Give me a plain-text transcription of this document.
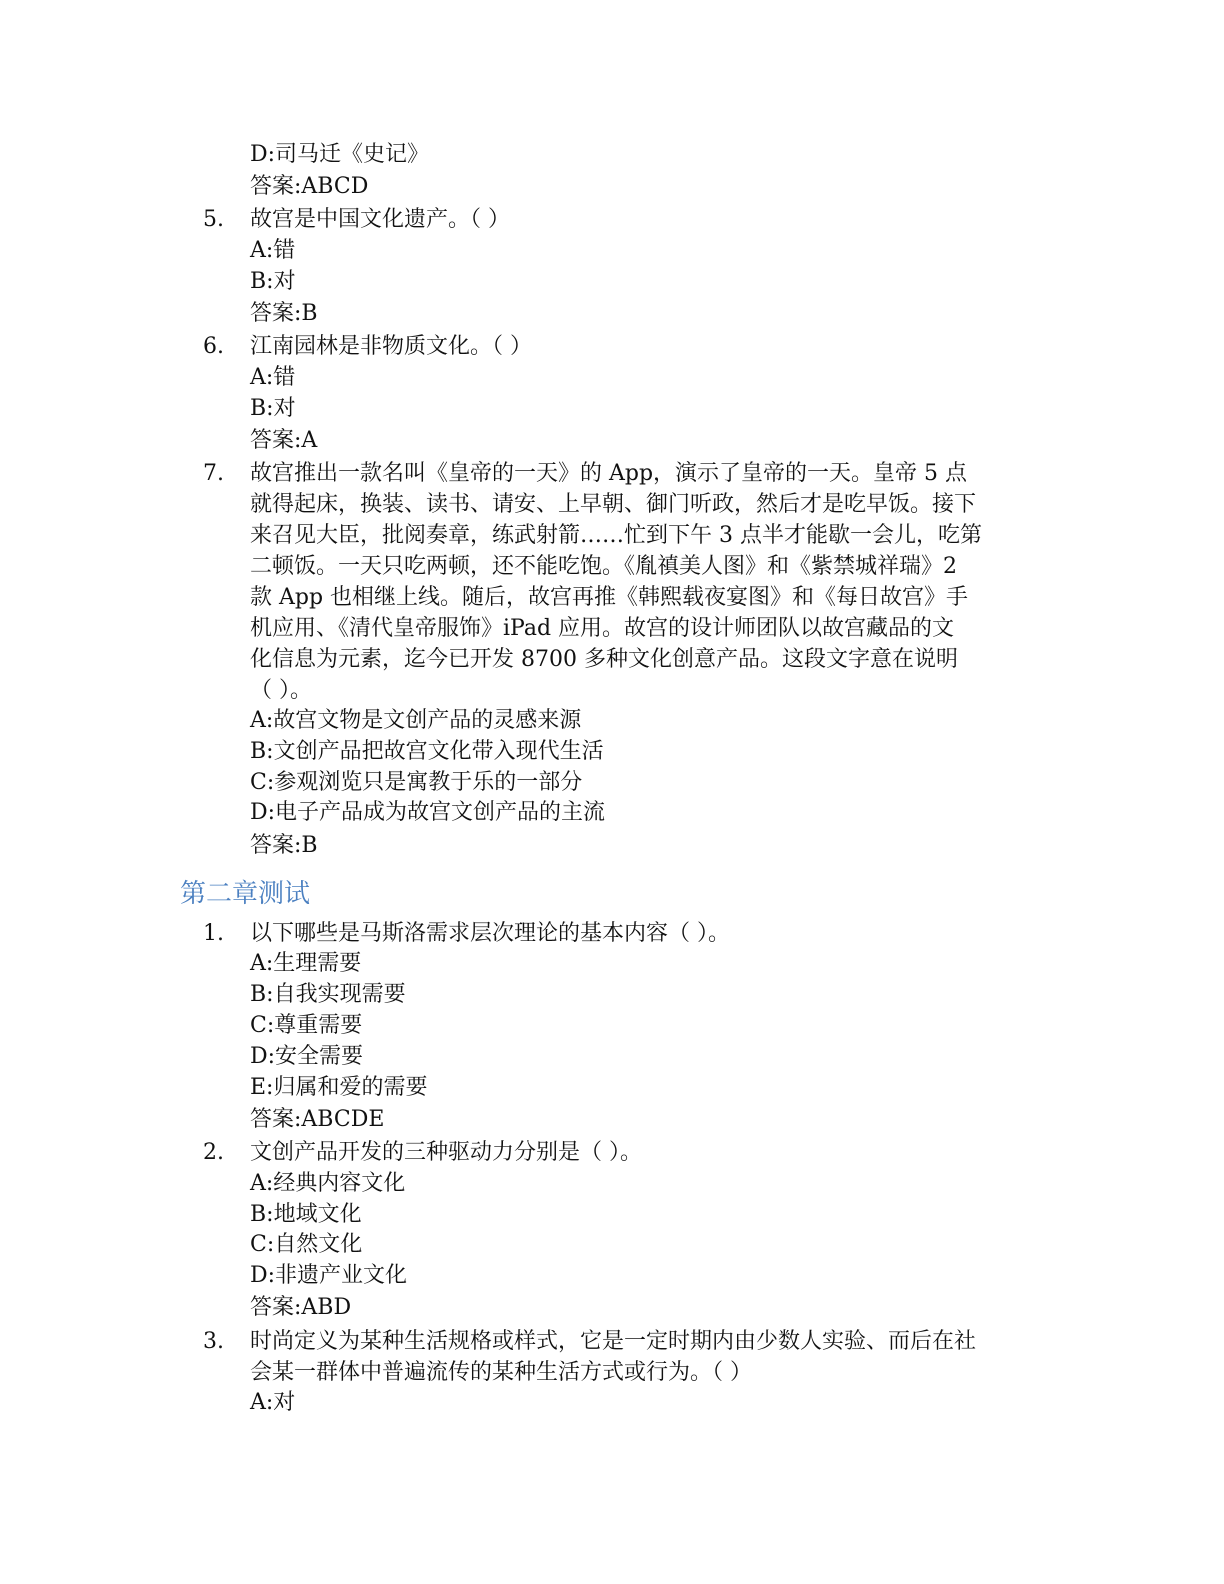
D:司马迁《史记》
答案:ABCD
5. 故宫是中国文化遗产。（ ）
A:错
B:对
答案:B
6. 江南园林是非物质文化。（ ）
A:错
B:对
答案:A
7. 故宫推出一款名叫《皇帝的一天》的 App，演示了皇帝的一天。皇帝 5 点
就得起床，换装、读书、请安、上早朝、御门听政，然后才是吃早饭。接下
来召见大臣，批阅奏章，练武射箭……忙到下午 3 点半才能歇一会儿，吃第
二顿饭。一天只吃两顿，还不能吃饱。《胤禛美人图》和《紫禁城祥瑞》2
款 App 也相继上线。随后，故宫再推《韩熙载夜宴图》和《每日故宫》手
机应用、《清代皇帝服饰》iPad 应用。故宫的设计师团队以故宫藏品的文
化信息为元素，迄今已开发 8700 多种文化创意产品。这段文字意在说明
（ ）。
A:故宫文物是文创产品的灵感来源
B:文创产品把故宫文化带入现代生活
C:参观浏览只是寓教于乐的一部分
D:电子产品成为故宫文创产品的主流
答案:B
第二章测试
1. 以下哪些是马斯洛需求层次理论的基本内容（ ）。
A:生理需要
B:自我实现需要
C:尊重需要
D:安全需要
E:归属和爱的需要
答案:ABCDE
2. 文创产品开发的三种驱动力分别是（ ）。
A:经典内容文化
B:地域文化
C:自然文化
D:非遗产业文化
答案:ABD
3. 时尚定义为某种生活规格或样式，它是一定时期内由少数人实验、而后在社
会某一群体中普遍流传的某种生活方式或行为。（ ）
A:对
